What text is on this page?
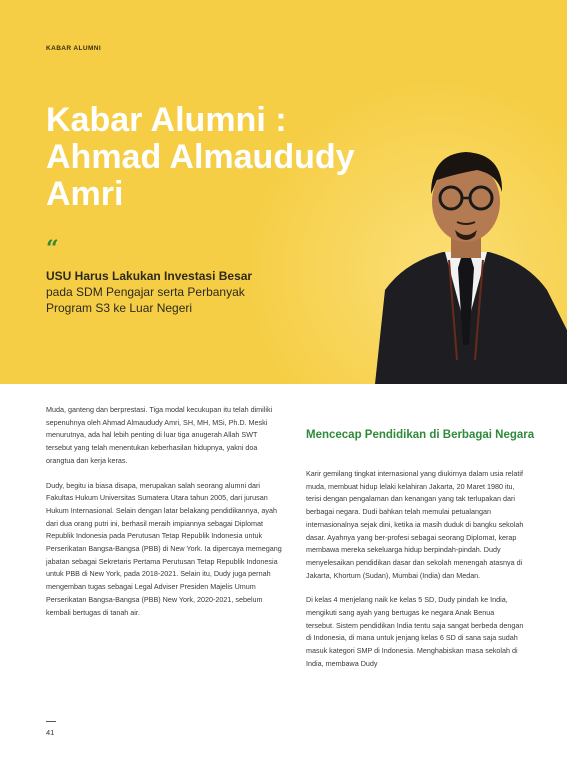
KABAR ALUMNI
Kabar Alumni :
Ahmad Almaududy
Amri
“
USU Harus Lakukan Investasi Besar
pada SDM Pengajar serta Perbanyak
Program S3 ke Luar Negeri

Muda, ganteng dan berprestasi. Tiga modal kecukupan itu telah dimiliki sepenuhnya oleh Ahmad Almaududy Amri, SH, MH, MSi, Ph.D. Meski menurutnya, ada hal lebih penting di luar tiga anugerah Allah SWT tersebut yang telah menentukan keberhasilan hidupnya, yakni doa orangtua dan kerja keras.

Dudy, begitu ia biasa disapa, merupakan salah seorang alumni dari Fakultas Hukum Universitas Sumatera Utara tahun 2005, dari jurusan Hukum Internasional. Selain dengan latar belakang pendidikannya, ayah dari dua orang putri ini, berhasil meraih impiannya sebagai Diplomat Republik Indonesia pada Perutusan Tetap Republik Indonesia untuk Perserikatan Bangsa-Bangsa (PBB) di New York. Ia dipercaya memegang jabatan sebagai Sekretaris Pertama Perutusan Tetap Republik Indonesia untuk PBB di New York, pada 2018-2021. Selain itu, Dudy juga pernah mengemban tugas sebagai Legal Adviser Presiden Majelis Umum Perserikatan Bangsa-Bangsa (PBB) New York, 2020-2021, sebelum kembali bertugas di tanah air.

Mencecap Pendidikan di Berbagai Negara

Karir gemilang tingkat internasional yang diukirnya dalam usia relatif muda, membuat hidup lelaki kelahiran Jakarta, 20 Maret 1980 itu, terisi dengan pengalaman dan kenangan yang tak terlupakan dari berbagai negara. Dudi bahkan telah memulai petualangan internasionalnya sejak dini, ketika ia masih duduk di bangku sekolah dasar. Ayahnya yang ber-profesi sebagai seorang Diplomat, kerap membawa mereka sekeluarga hidup berpindah-pindah. Dudy menyelesaikan pendidikan dasar dan sekolah menengah atasnya di Jakarta, Khortum (Sudan), Mumbai (India) dan Medan.

Di kelas 4 menjelang naik ke kelas 5 SD, Dudy pindah ke India, mengikuti sang ayah yang bertugas ke negara Anak Benua tersebut. Sistem pendidikan India tentu saja sangat berbeda dengan di Indonesia, di mana untuk jenjang kelas 6 SD di sana saja sudah masuk kategori SMP di Indonesia. Menghabiskan masa sekolah di India, membawa Dudy

41
